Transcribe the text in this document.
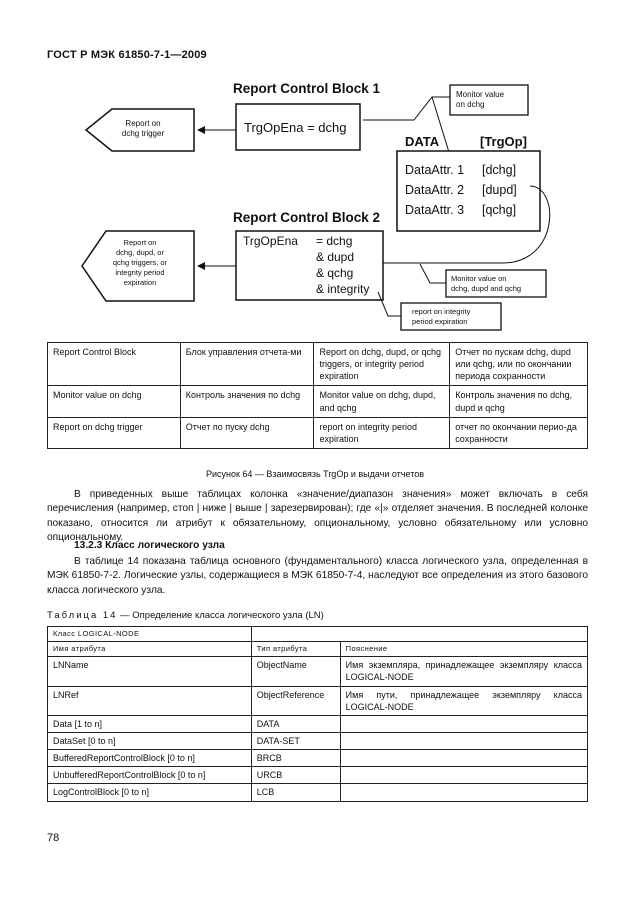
ГОСТ Р МЭК 61850-7-1—2009
Report Control Block 1
TrgOpEna = dchg
Report on
dchg trigger
Monitor value
on dchg
DATA	[TrgOp]
DataAttr. 1 [dchg]
DataAttr. 2 [dupd]
DataAttr. 3 [qchg]
Report Control Block 2
TrgOpEna = dchg
& dupd
& qchg
& integrity
Report on
dchg, dupd, or
qchg triggers, or
integrity period
expiration	Monitor value on
dchg, dupd and qchg
report on integrity
period expiration
Report Control Block	Блок управления отчета-ми	Report on dchg, dupd, or qchg triggers, or integrity period expiration	Отчет по пускам dchg, dupd или qchg, или по окончании периода сохранности
Monitor value on dchg	Контроль значения по dchg	Monitor value on dchg, dupd, and qchg	Контроль значения по dchg, dupd и qchg
Report on dchg trigger	Отчет по пуску dchg	report on integrity period expiration	отчет по окончании перио-да сохранности
Рисунок 64 — Взаимосвязь TrgOp и выдачи отчетов

В приведенных выше таблицах колонка «значение/диапазон значения» может включать в себя перечисления (например, стоп | ниже | выше | зарезервирован); где «|» отделяет значения. В последней колонке показано, относится ли атрибут к обязательному, опциональному, условно обязательному или условно опциональному.

13.2.3 Класс логического узла

В таблице 14 показана таблица основного (фундаментального) класса логического узла, определенная в МЭК 61850-7-2. Логические узлы, содержащиеся в МЭК 61850-7-4, наследуют все определения из этого базового класса логического узла.

Таблица 14 — Определение класса логического узла (LN)
Класс LOGICAL-NODE		
Имя атрибута	Тип атрибута	Пояснение
LNName	ObjectName	Имя экземпляра, принадлежащее экземпляру класса LOGICAL-NODE
LNRef	ObjectReference	Имя пути, принадлежащее экземпляру класса LOGICAL-NODE
Data [1 to n]	DATA	
DataSet [0 to n]	DATA-SET	
BufferedReportControlBlock [0 to n]	BRCB	
UnbufferedReportControlBlock [0 to n]	URCB	
LogControlBlock [0 to n]	LCB	
78
